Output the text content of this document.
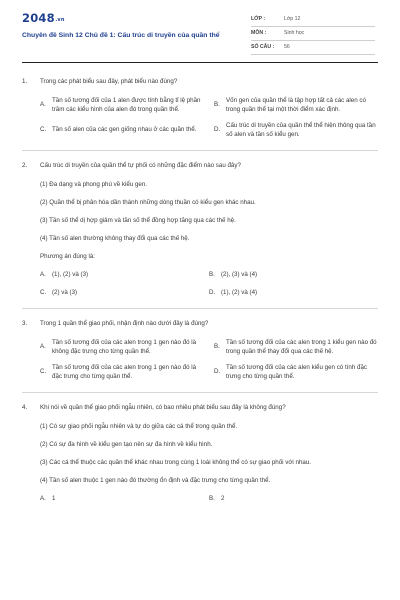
2048.vn
Chuyên đề Sinh 12 Chủ đề 1: Cấu trúc di truyền của quần thể
LỚP :	Lớp 12
MÔN :	Sinh học
SỐ CÂU :	56
1.	Trong các phát biểu sau đây, phát biểu nào đúng?
A.
Tần số tương đối của 1 alen được tính bằng tỉ lệ phần trăm các kiểu hình của alen đó trong quần thể.
B.
Vốn gen của quần thể là tập hợp tất cả các alen có trong quần thể tại một thời điểm xác định.
C. Tần số alen của các gen giống nhau ở các quần thể.	D.
Cấu trúc di truyền của quần thể thể hiện thông qua tần số alen và tần số kiểu gen.
2.	Cấu trúc di truyền của quần thể tự phối có những đặc điểm nào sau đây?
(1) Đa dạng và phong phú về kiểu gen.
(2) Quần thể bị phân hóa dần thành những dòng thuần có kiểu gen khác nhau.
(3) Tần số thể dị hợp giảm và tần số thể đồng hợp tăng qua các thế hệ.
(4) Tần số alen thường không thay đổi qua các thế hệ.
Phương án đúng là:
A. (1), (2) và (3)	B. (2), (3) và (4)
C. (2) và (3)	D. (1), (2) và (4)
3.	Trong 1 quần thể giao phối, nhận định nào dưới đây là đúng?
A.
Tần số tương đối của các alen trong 1 gen nào đó là không đặc trưng cho từng quần thể.
B.
Tần số tương đối của các alen trong 1 kiểu gen nào đó trong quần thể thay đổi qua các thế hệ.
C.
Tần số tương đối của các alen trong 1 gen nào đó là đặc trưng cho từng quần thể.
D.
Tần số tương đối của các alen kiểu gen có tính đặc trưng cho từng quần thể.
4.	Khi nói về quần thể giao phối ngẫu nhiên, có bao nhiêu phát biểu sau đây là không đúng?
(1) Có sự giao phối ngẫu nhiên và tự do giữa các cá thể trong quần thể.
(2) Có sự đa hình về kiểu gen tạo nên sự đa hình về kiểu hình.
(3) Các cá thể thuộc các quần thể khác nhau trong cùng 1 loài không thể có sự giao phối với nhau.
(4) Tần số alen thuộc 1 gen nào đó thường ổn định và đặc trưng cho từng quần thể.
A. 1	B. 2
